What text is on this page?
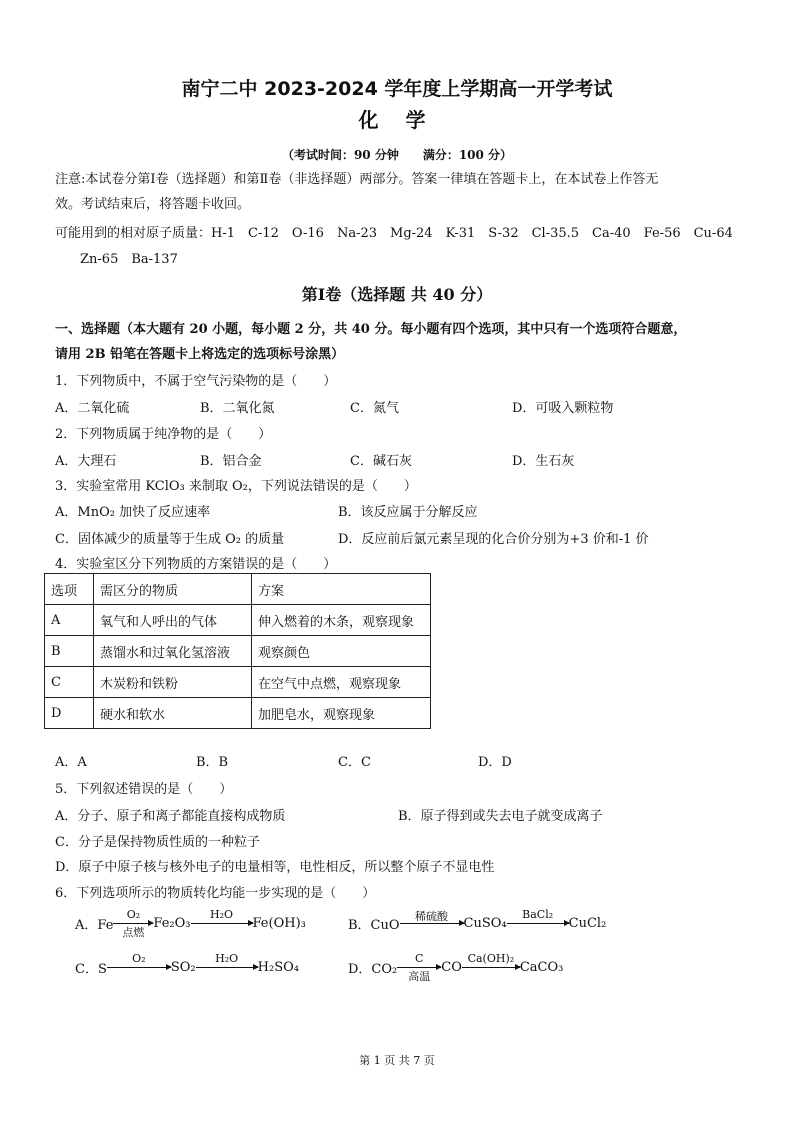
南宁二中 2023-2024 学年度上学期高一开学考试
化 学
（考试时间：90 分钟　　满分：100 分）
注意:本试卷分第Ⅰ卷（选择题）和第Ⅱ卷（非选择题）两部分。答案一律填在答题卡上，在本试卷上作答无
效。考试结束后，将答题卡收回。
可能用到的相对原子质量：H-1　C-12　O-16　Na-23　Mg-24　K-31　S-32　Cl-35.5　Ca-40　Fe-56　Cu-64
Zn-65　Ba-137
第Ⅰ卷（选择题 共 40 分）
一、选择题（本大题有 20 小题，每小题 2 分，共 40 分。每小题有四个选项，其中只有一个选项符合题意，
请用 2B 铅笔在答题卡上将选定的选项标号涂黑）
1．下列物质中，不属于空气污染物的是（　　）
A．二氧化硫	B．二氧化氮	C．氮气	D．可吸入颗粒物
2．下列物质属于纯净物的是（　　）
A．大理石	B．铝合金	C．碱石灰	D．生石灰
3．实验室常用 KClO₃ 来制取 O₂，下列说法错误的是（　　）
A．MnO₂ 加快了反应速率	B．该反应属于分解反应
C．固体减少的质量等于生成 O₂ 的质量	D．反应前后氯元素呈现的化合价分别为+3 价和-1 价
4．实验室区分下列物质的方案错误的是（　　）
选项	需区分的物质	方案
A	氧气和人呼出的气体	伸入燃着的木条，观察现象
B	蒸馏水和过氧化氢溶液	观察颜色
C	木炭粉和铁粉	在空气中点燃，观察现象
D	硬水和软水	加肥皂水，观察现象
A．A	B．B	C．C	D．D
5．下列叙述错误的是（　　）
A．分子、原子和离子都能直接构成物质	B．原子得到或失去电子就变成离子
C．分子是保持物质性质的一种粒子
D．原子中原子核与核外电子的电量相等，电性相反，所以整个原子不显电性
6．下列选项所示的物质转化均能一步实现的是（　　）
A．Fe
O₂
点燃
Fe₂O₃
H₂O
Fe(OH)₃	B．CuO
稀硫酸	CuSO₄
BaCl₂
CuCl₂
C．S
O₂
SO₂
H₂O
H₂SO₄	D．CO₂
C
高温
CO
Ca(OH)₂
CaCO₃
第 1 页 共 7 页
